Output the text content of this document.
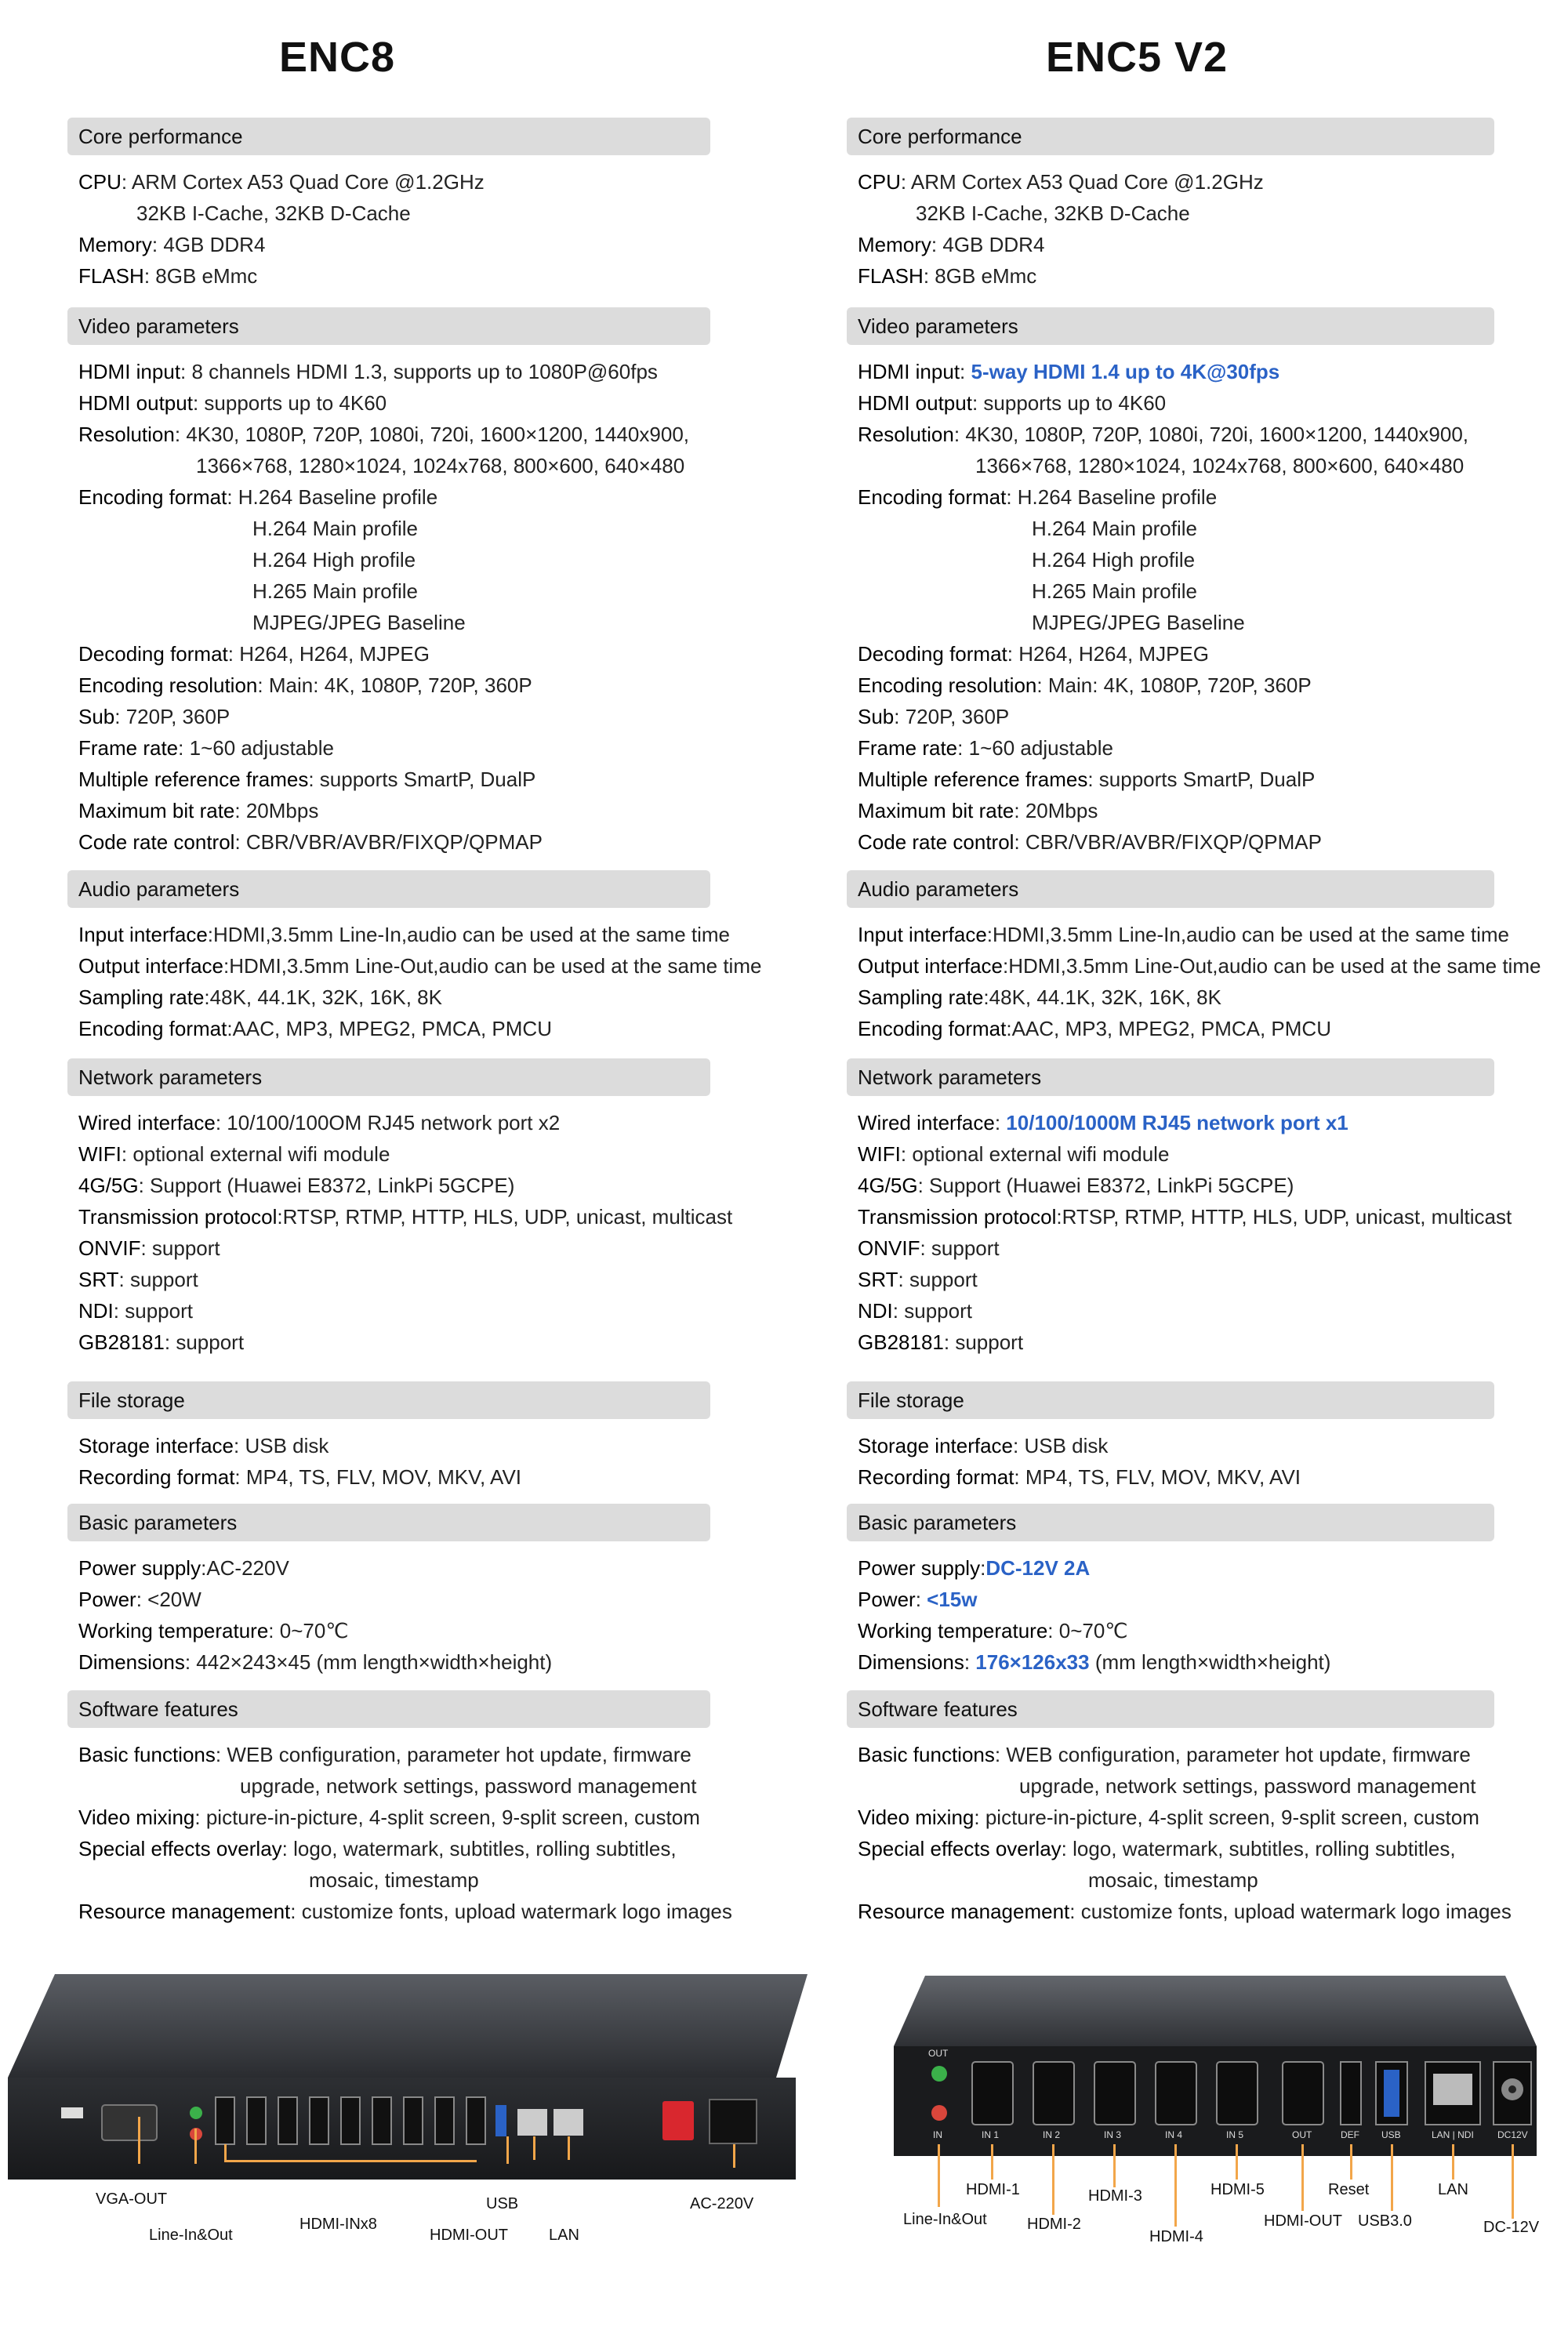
ENC8
Core performance
CPU: ARM Cortex A53 Quad Core @1.2GHz
32KB I-Cache, 32KB D-Cache
Memory: 4GB DDR4
FLASH: 8GB eMmc
Video parameters
HDMI input: 8 channels HDMI 1.3, supports up to 1080P@60fps
HDMI output: supports up to 4K60
Resolution: 4K30, 1080P, 720P, 1080i, 720i, 1600×1200, 1440x900,
1366×768, 1280×1024, 1024x768, 800×600, 640×480
Encoding format: H.264 Baseline profile
H.264 Main profile
H.264 High profile
H.265 Main profile
MJPEG/JPEG Baseline
Decoding format: H264, H264, MJPEG
Encoding resolution: Main: 4K, 1080P, 720P, 360P
Sub: 720P, 360P
Frame rate: 1~60 adjustable
Multiple reference frames: supports SmartP, DualP
Maximum bit rate: 20Mbps
Code rate control: CBR/VBR/AVBR/FIXQP/QPMAP
Audio parameters
Input interface:HDMI,3.5mm Line-In,audio can be used at the same time
Output interface:HDMI,3.5mm Line-Out,audio can be used at the same time
Sampling rate:48K, 44.1K, 32K, 16K, 8K
Encoding format:AAC, MP3, MPEG2, PMCA, PMCU
Network parameters
Wired interface: 10/100/100OM RJ45 network port x2
WIFI: optional external wifi module
4G/5G: Support (Huawei E8372, LinkPi 5GCPE)
Transmission protocol:RTSP, RTMP, HTTP, HLS, UDP, unicast, multicast
ONVIF: support
SRT: support
NDI: support
GB28181: support
File storage
Storage interface: USB disk
Recording format: MP4, TS, FLV, MOV, MKV, AVI
Basic parameters
Power supply:AC-220V
Power: <20W
Working temperature: 0~70℃
Dimensions: 442×243×45 (mm length×width×height)
Software features
Basic functions: WEB configuration, parameter hot update, firmware
upgrade, network settings, password management
Video mixing: picture-in-picture, 4-split screen, 9-split screen, custom
Special effects overlay: logo, watermark, subtitles, rolling subtitles,
mosaic, timestamp
Resource management: customize fonts, upload watermark logo images
ENC5 V2
Core performance
CPU: ARM Cortex A53 Quad Core @1.2GHz
32KB I-Cache, 32KB D-Cache
Memory: 4GB DDR4
FLASH: 8GB eMmc
Video parameters
HDMI input: 5-way HDMI 1.4 up to 4K@30fps
HDMI output: supports up to 4K60
Resolution: 4K30, 1080P, 720P, 1080i, 720i, 1600×1200, 1440x900,
1366×768, 1280×1024, 1024x768, 800×600, 640×480
Encoding format: H.264 Baseline profile
H.264 Main profile
H.264 High profile
H.265 Main profile
MJPEG/JPEG Baseline
Decoding format: H264, H264, MJPEG
Encoding resolution: Main: 4K, 1080P, 720P, 360P
Sub: 720P, 360P
Frame rate: 1~60 adjustable
Multiple reference frames: supports SmartP, DualP
Maximum bit rate: 20Mbps
Code rate control: CBR/VBR/AVBR/FIXQP/QPMAP
Audio parameters
Input interface:HDMI,3.5mm Line-In,audio can be used at the same time
Output interface:HDMI,3.5mm Line-Out,audio can be used at the same time
Sampling rate:48K, 44.1K, 32K, 16K, 8K
Encoding format:AAC, MP3, MPEG2, PMCA, PMCU
Network parameters
Wired interface: 10/100/1000M RJ45 network port x1
WIFI: optional external wifi module
4G/5G: Support (Huawei E8372, LinkPi 5GCPE)
Transmission protocol:RTSP, RTMP, HTTP, HLS, UDP, unicast, multicast
ONVIF: support
SRT: support
NDI: support
GB28181: support
File storage
Storage interface: USB disk
Recording format: MP4, TS, FLV, MOV, MKV, AVI
Basic parameters
Power supply:DC-12V 2A
Power: <15w
Working temperature: 0~70℃
Dimensions: 176×126x33 (mm length×width×height)
Software features
Basic functions: WEB configuration, parameter hot update, firmware
upgrade, network settings, password management
Video mixing: picture-in-picture, 4-split screen, 9-split screen, custom
Special effects overlay: logo, watermark, subtitles, rolling subtitles,
mosaic, timestamp
Resource management: customize fonts, upload watermark logo images
VGA-OUT
Line-In&Out
HDMI-INx8
USB
HDMI-OUT	LAN
AC-220V
OUT
IN	IN 1	IN 2	IN 3	IN 4	IN 5	OUT	DEF USB	LAN | NDI	DC12V
Line-In&Out
HDMI-1
HDMI-2
HDMI-3
HDMI-4
HDMI-5
HDMI-OUT
Reset
USB3.0
LAN
DC-12V
